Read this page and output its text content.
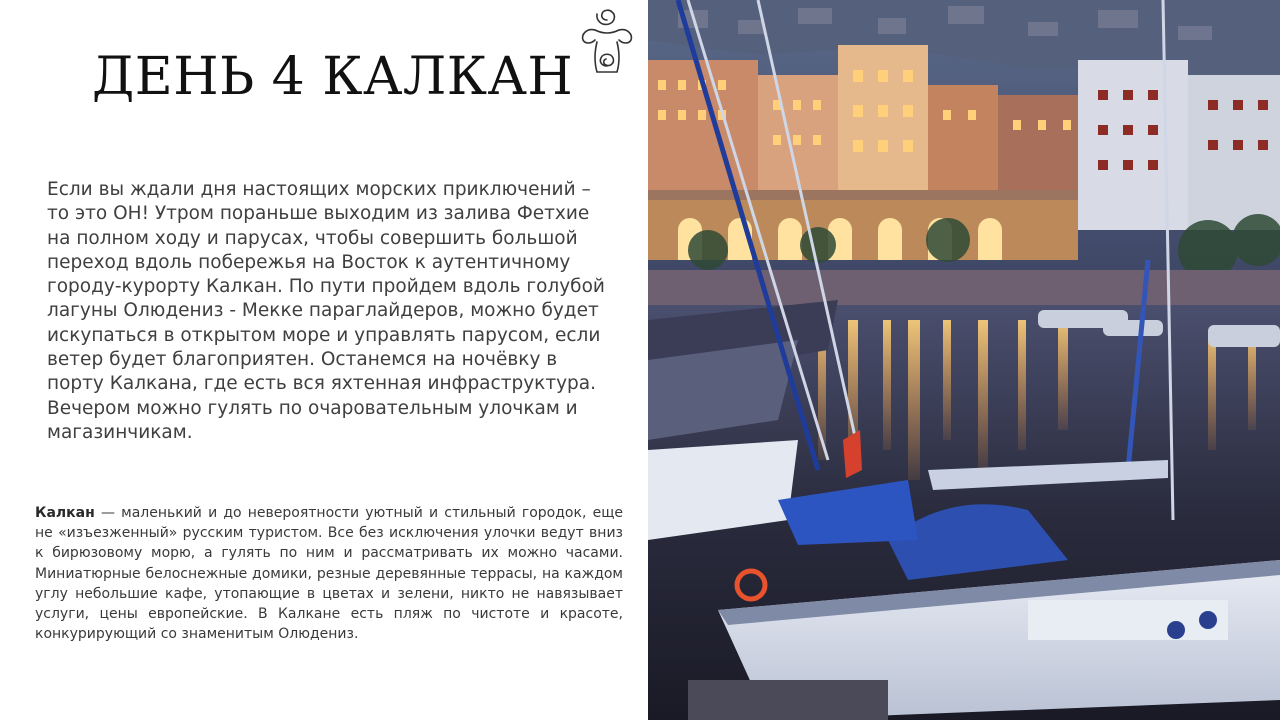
ДЕНЬ 4 КАЛКАН
Если вы ждали дня настоящих морских приключений – то это ОН! Утром пораньше выходим из залива Фетхие на полном ходу и парусах, чтобы совершить большой переход вдоль побережья на Восток к аутентичному городу-курорту Калкан. По пути пройдем вдоль голубой лагуны Олюдениз - Мекке параглайдеров, можно будет искупаться в открытом море и управлять парусом, если ветер будет благоприятен. Останемся на ночёвку в порту Калкана, где есть вся яхтенная инфраструктура. Вечером можно гулять по очаровательным улочкам и магазинчикам.
Калкан — маленький и до невероятности уютный и стильный городок, еще не «изъезженный» русским туристом. Все без исключения улочки ведут вниз к бирюзовому морю, а гулять по ним и рассматривать их можно часами. Миниатюрные белоснежные домики, резные деревянные террасы, на каждом углу небольшие кафе, утопающие в цветах и зелени, никто не навязывает услуги, цены европейские. В Калкане есть пляж по чистоте и красоте, конкурирующий со знаменитым Олюдениз.
